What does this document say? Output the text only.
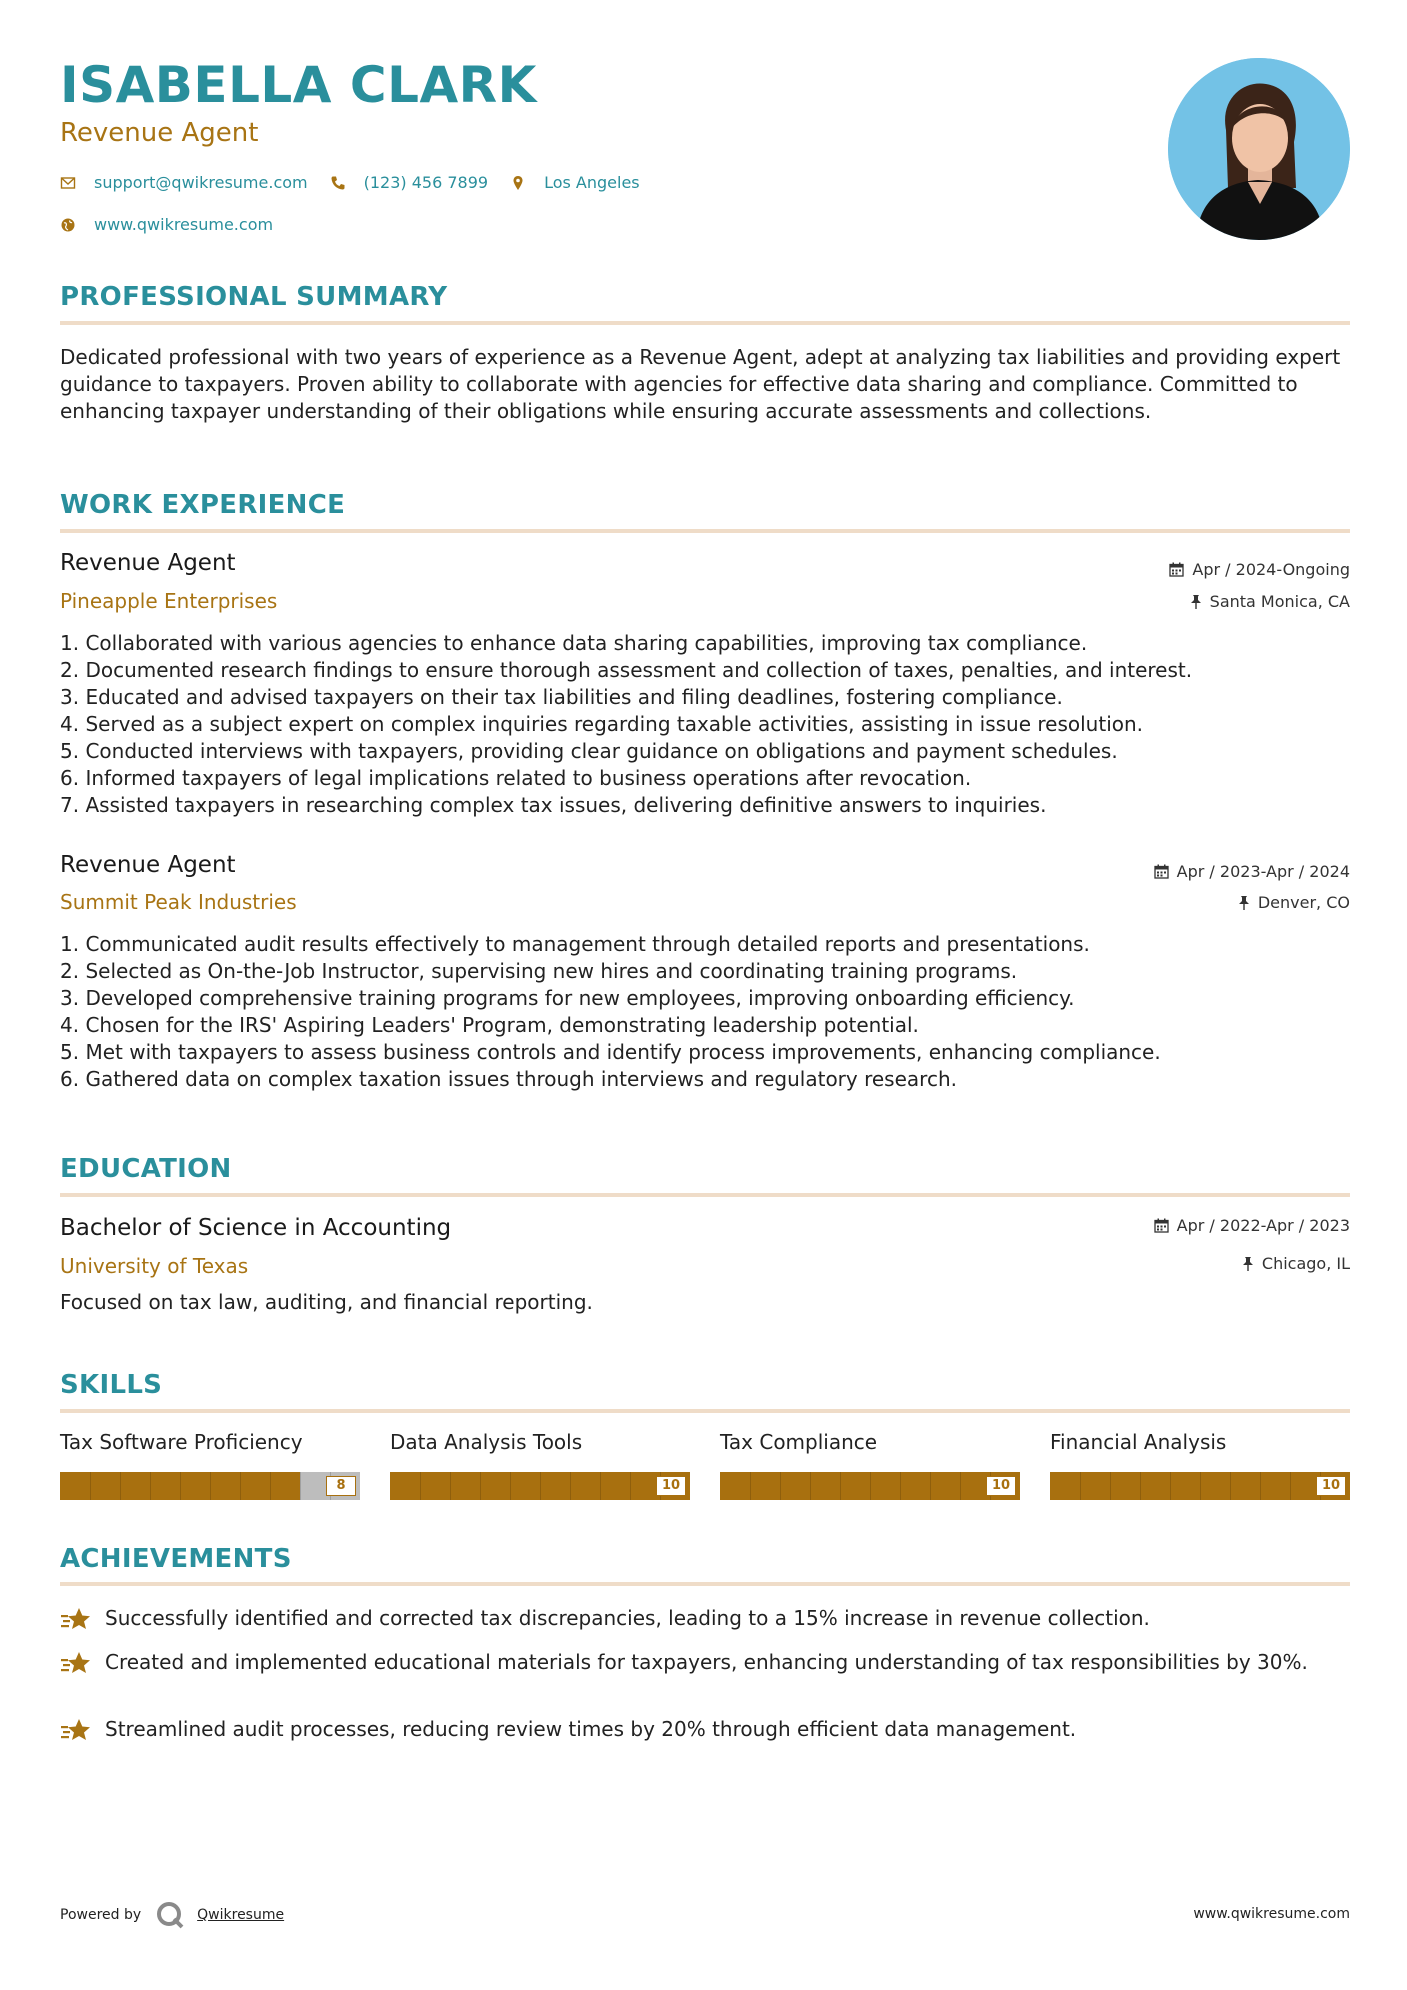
ISABELLA CLARK
Revenue Agent
support@qwikresume.com	(123) 456 7899	Los Angeles
www.qwikresume.com
PROFESSIONAL SUMMARY
Dedicated professional with two years of experience as a Revenue Agent, adept at analyzing tax liabilities and providing expert guidance to taxpayers. Proven ability to collaborate with agencies for effective data sharing and compliance. Committed to enhancing taxpayer understanding of their obligations while ensuring accurate assessments and collections.
WORK EXPERIENCE
Revenue Agent
Pineapple Enterprises
Apr / 2024-Ongoing
Santa Monica, CA
1. Collaborated with various agencies to enhance data sharing capabilities, improving tax compliance.
2. Documented research findings to ensure thorough assessment and collection of taxes, penalties, and interest.
3. Educated and advised taxpayers on their tax liabilities and filing deadlines, fostering compliance.
4. Served as a subject expert on complex inquiries regarding taxable activities, assisting in issue resolution.
5. Conducted interviews with taxpayers, providing clear guidance on obligations and payment schedules.
6. Informed taxpayers of legal implications related to business operations after revocation.
7. Assisted taxpayers in researching complex tax issues, delivering definitive answers to inquiries.
Revenue Agent
Summit Peak Industries
Apr / 2023-Apr / 2024
Denver, CO
1. Communicated audit results effectively to management through detailed reports and presentations.
2. Selected as On-the-Job Instructor, supervising new hires and coordinating training programs.
3. Developed comprehensive training programs for new employees, improving onboarding efficiency.
4. Chosen for the IRS' Aspiring Leaders' Program, demonstrating leadership potential.
5. Met with taxpayers to assess business controls and identify process improvements, enhancing compliance.
6. Gathered data on complex taxation issues through interviews and regulatory research.
EDUCATION
Bachelor of Science in Accounting
University of Texas
Apr / 2022-Apr / 2023
Chicago, IL
Focused on tax law, auditing, and financial reporting.
SKILLS
Tax Software Proficiency
8
Data Analysis Tools
10
Tax Compliance
10
Financial Analysis
10
ACHIEVEMENTS
Successfully identified and corrected tax discrepancies, leading to a 15% increase in revenue collection.
Created and implemented educational materials for taxpayers, enhancing understanding of tax responsibilities by 30%.
Streamlined audit processes, reducing review times by 20% through efficient data management.
Powered by	Qwikresume	www.qwikresume.com
